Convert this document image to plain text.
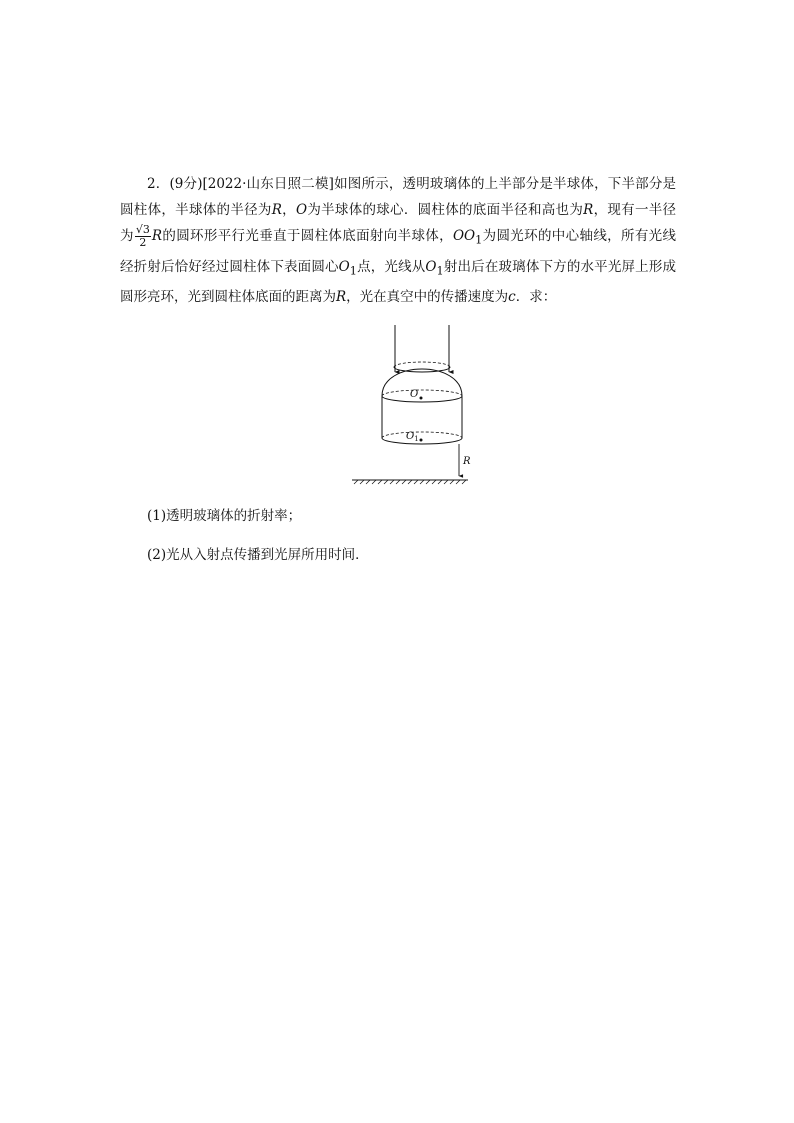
2．(9分)[2022·山东日照二模]如图所示，透明玻璃体的上半部分是半球体，下半部分是圆柱体，半球体的半径为R，O为半球体的球心．圆柱体的底面半径和高也为R，现有一半径为 $\frac{√3}{2}$ R的圆环形平行光垂直于圆柱体底面射向半球体，$OO_1$为圆光环的中心轴线，所有光线经折射后恰好经过圆柱体下表面圆心$O_1$点，光线从$O_1$射出后在玻璃体下方的水平光屏上形成圆形亮环，光到圆柱体底面的距离为R，光在真空中的传播速度为c．求：

O
$O_1$
R
(1)透明玻璃体的折射率；
(2)光从入射点传播到光屏所用时间．
